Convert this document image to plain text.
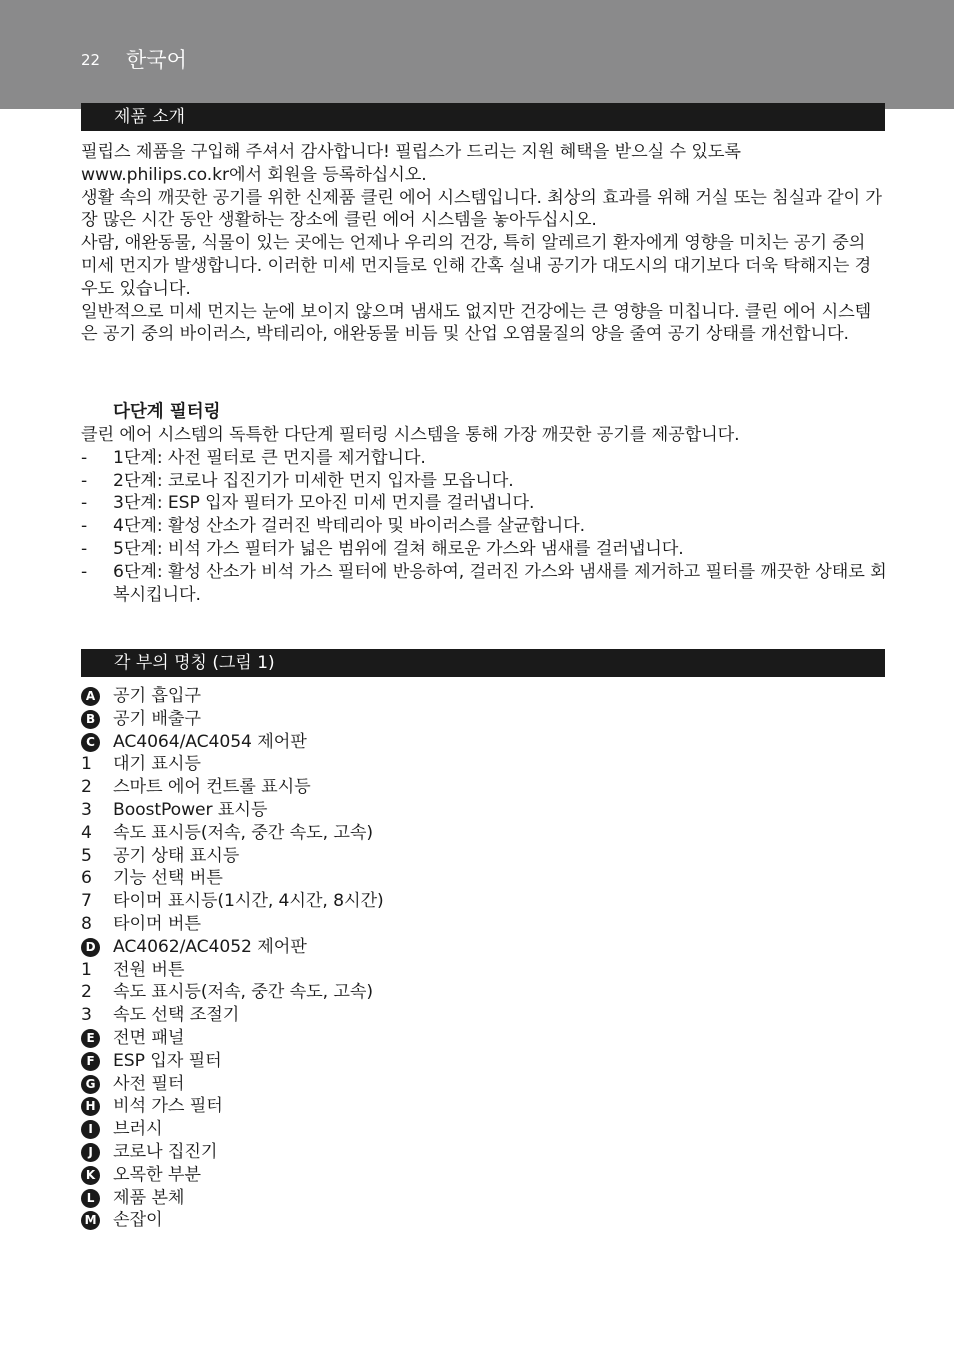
22 한국어
제품 소개

필립스 제품을 구입해 주셔서 감사합니다! 필립스가 드리는 지원 혜택을 받으실 수 있도록 www.philips.co.kr에서 회원을 등록하십시오.

생활 속의 깨끗한 공기를 위한 신제품 클린 에어 시스템입니다. 최상의 효과를 위해 거실 또는 침실과 같이 가장 많은 시간 동안 생활하는 장소에 클린 에어 시스템을 놓아두십시오.

사람, 애완동물, 식물이 있는 곳에는 언제나 우리의 건강, 특히 알레르기 환자에게 영향을 미치는 공기 중의 미세 먼지가 발생합니다. 이러한 미세 먼지들로 인해 간혹 실내 공기가 대도시의 대기보다 더욱 탁해지는 경우도 있습니다.

일반적으로 미세 먼지는 눈에 보이지 않으며 냄새도 없지만 건강에는 큰 영향을 미칩니다. 클린 에어 시스템은 공기 중의 바이러스, 박테리아, 애완동물 비듬 및 산업 오염물질의 양을 줄여 공기 상태를 개선합니다.

다단계 필터링

클린 에어 시스템의 독특한 다단계 필터링 시스템을 통해 가장 깨끗한 공기를 제공합니다.

- 1단계: 사전 필터로 큰 먼지를 제거합니다.
- 2단계: 코로나 집진기가 미세한 먼지 입자를 모읍니다.
- 3단계: ESP 입자 필터가 모아진 미세 먼지를 걸러냅니다.
- 4단계: 활성 산소가 걸러진 박테리아 및 바이러스를 살균합니다.
- 5단계: 비석 가스 필터가 넓은 범위에 걸쳐 해로운 가스와 냄새를 걸러냅니다.
- 6단계: 활성 산소가 비석 가스 필터에 반응하여, 걸러진 가스와 냄새를 제거하고 필터를 깨끗한 상태로 회복시킵니다.
각 부의 명칭 (그림 1)
A 공기 흡입구
B 공기 배출구
C AC4064/AC4054 제어판
1 대기 표시등
2 스마트 에어 컨트롤 표시등
3 BoostPower 표시등
4 속도 표시등(저속, 중간 속도, 고속)
5 공기 상태 표시등
6 기능 선택 버튼
7 타이머 표시등(1시간, 4시간, 8시간)
8 타이머 버튼
D AC4062/AC4052 제어판
1 전원 버튼
2 속도 표시등(저속, 중간 속도, 고속)
3 속도 선택 조절기
E	전면 패널
F	ESP 입자 필터
G 사전 필터
H 비석 가스 필터
I	브러시
J	코로나 집진기
K 오목한 부분
L	제품 본체
M 손잡이
